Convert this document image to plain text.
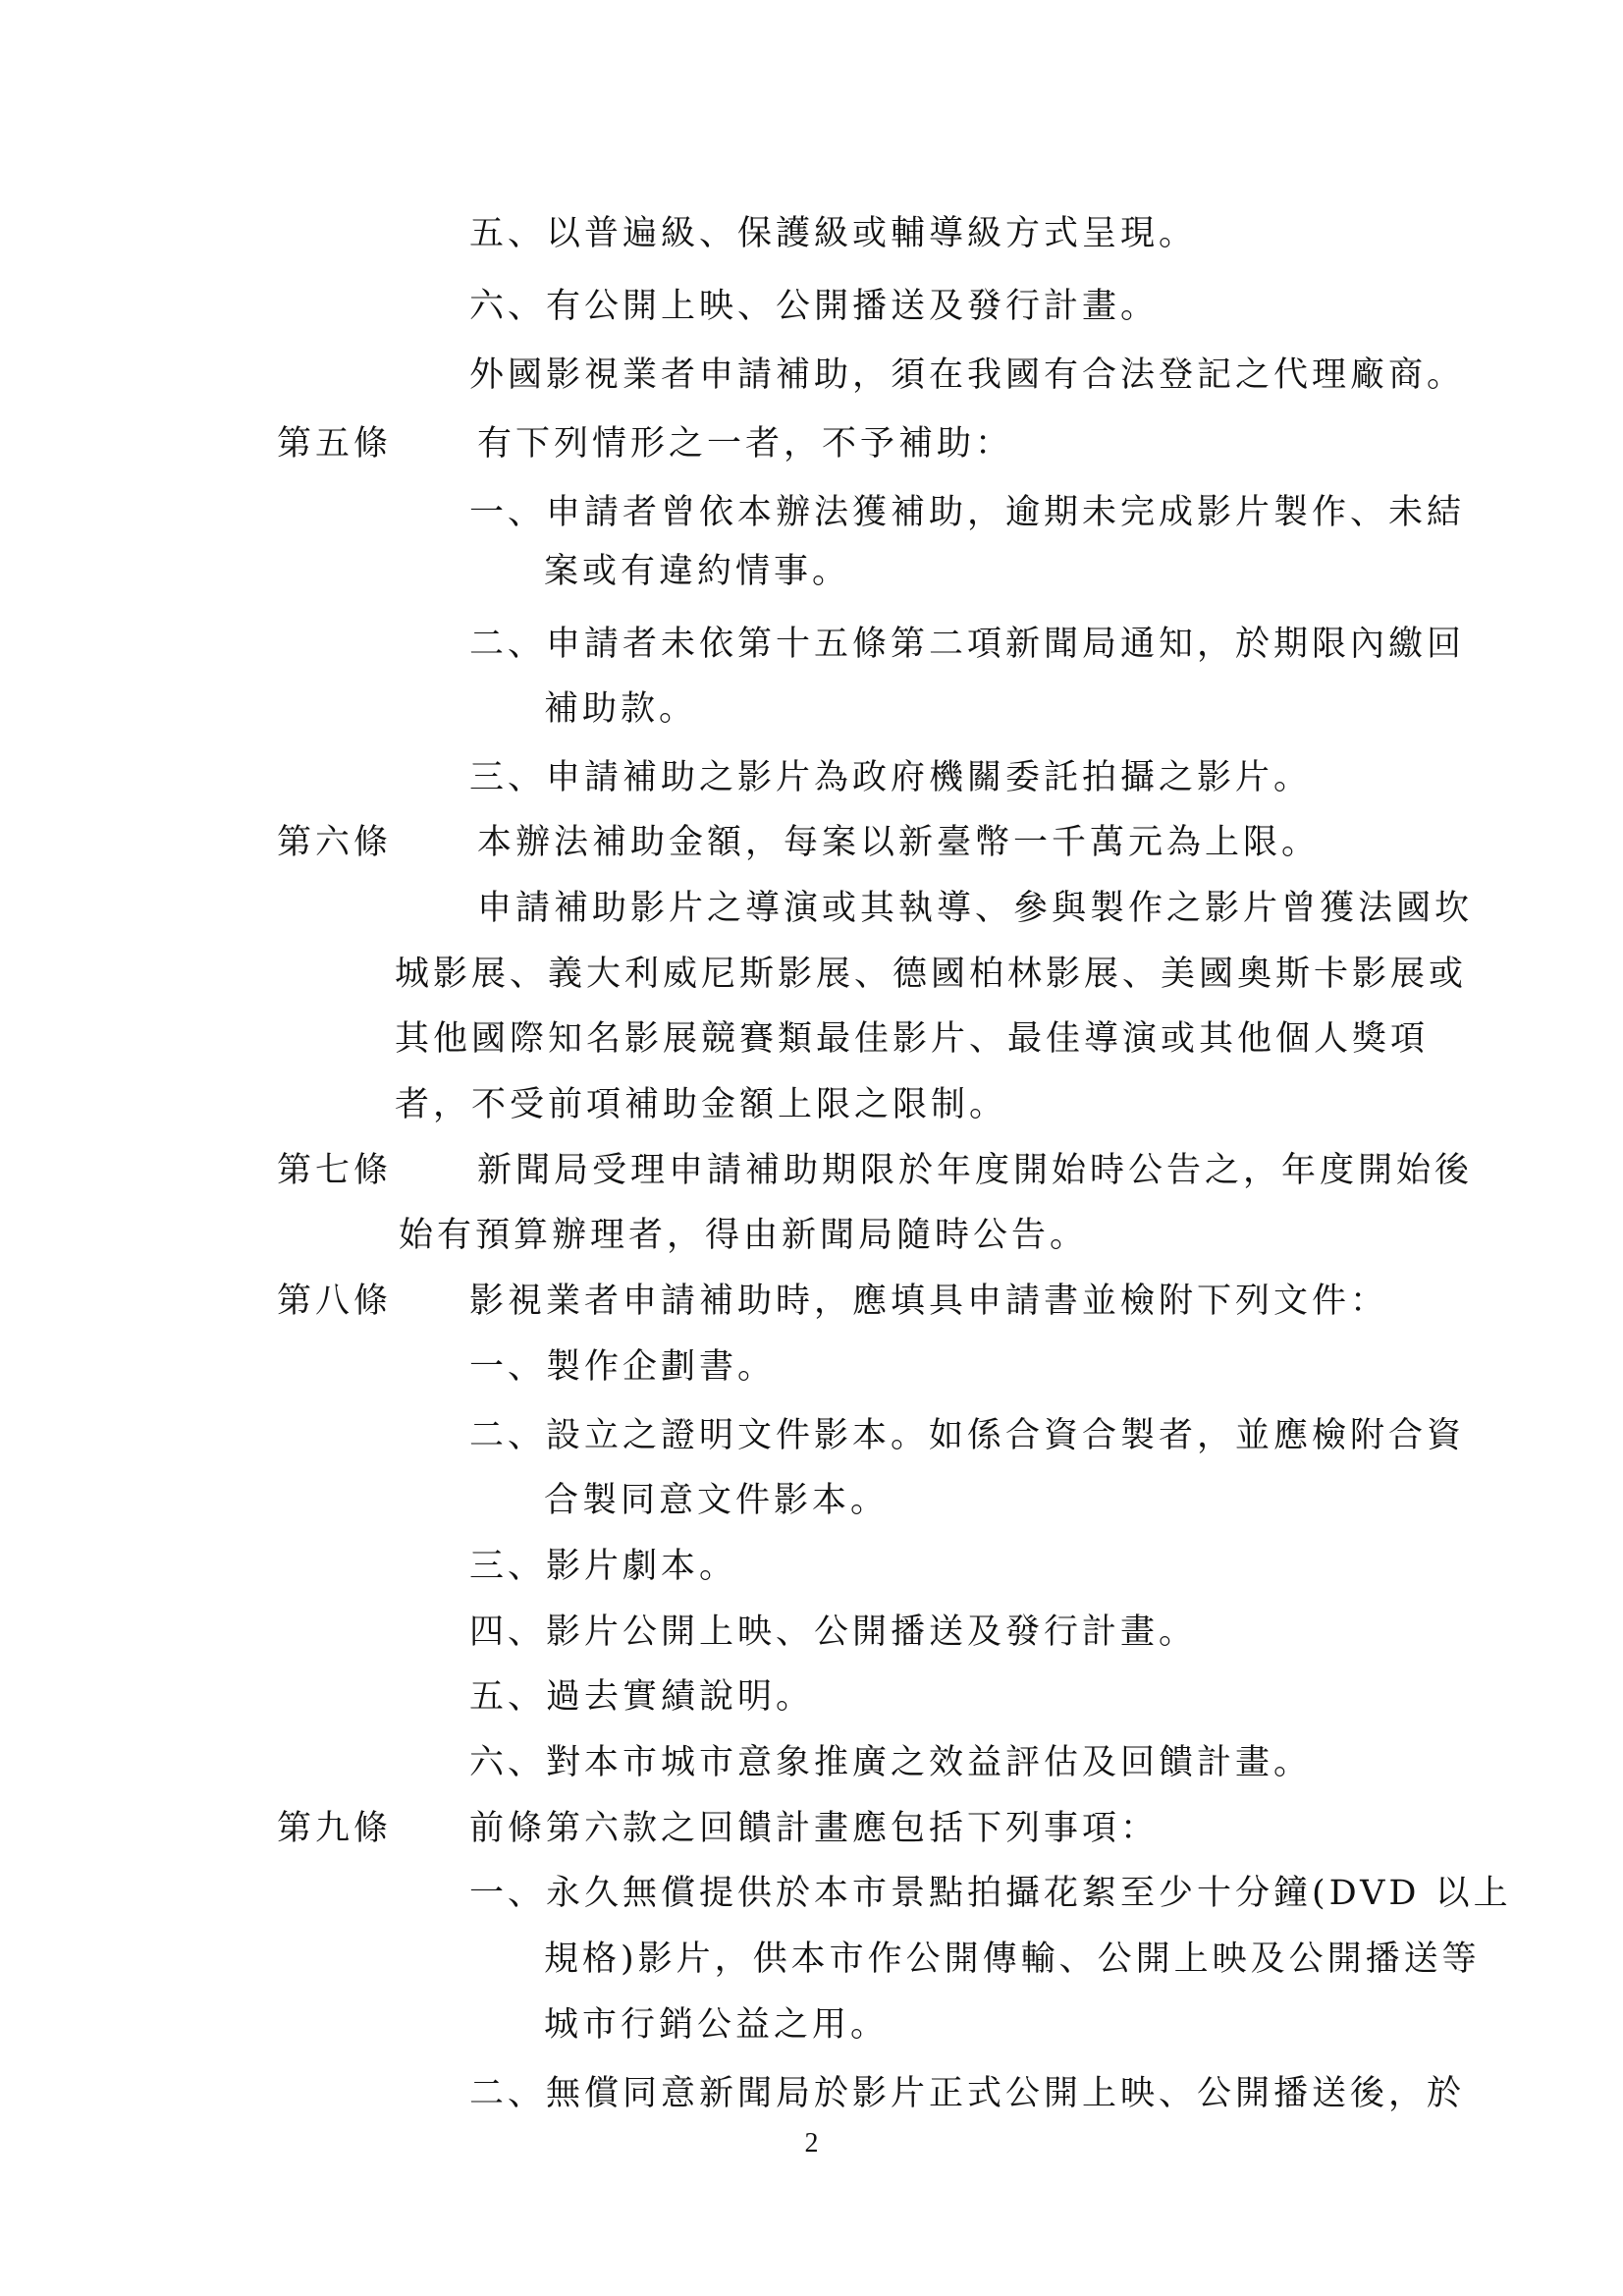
五、以普遍級、保護級或輔導級方式呈現。
六、有公開上映、公開播送及發行計畫。
外國影視業者申請補助，須在我國有合法登記之代理廠商。
第五條 有下列情形之一者，不予補助：
一、申請者曾依本辦法獲補助，逾期未完成影片製作、未結
案或有違約情事。
二、申請者未依第十五條第二項新聞局通知，於期限內繳回
補助款。
三、申請補助之影片為政府機關委託拍攝之影片。
第六條 本辦法補助金額，每案以新臺幣一千萬元為上限。
申請補助影片之導演或其執導、參與製作之影片曾獲法國坎
城影展、義大利威尼斯影展、德國柏林影展、美國奧斯卡影展或
其他國際知名影展競賽類最佳影片、最佳導演或其他個人獎項
者，不受前項補助金額上限之限制。
第七條 新聞局受理申請補助期限於年度開始時公告之，年度開始後
始有預算辦理者，得由新聞局隨時公告。
第八條 影視業者申請補助時，應填具申請書並檢附下列文件：
一、製作企劃書。
二、設立之證明文件影本。如係合資合製者，並應檢附合資
合製同意文件影本。
三、影片劇本。
四、影片公開上映、公開播送及發行計畫。
五、過去實績說明。
六、對本市城市意象推廣之效益評估及回饋計畫。
第九條 前條第六款之回饋計畫應包括下列事項：
一、永久無償提供於本市景點拍攝花絮至少十分鐘(DVD 以上
規格)影片，供本市作公開傳輸、公開上映及公開播送等
城市行銷公益之用。
二、無償同意新聞局於影片正式公開上映、公開播送後，於
2
